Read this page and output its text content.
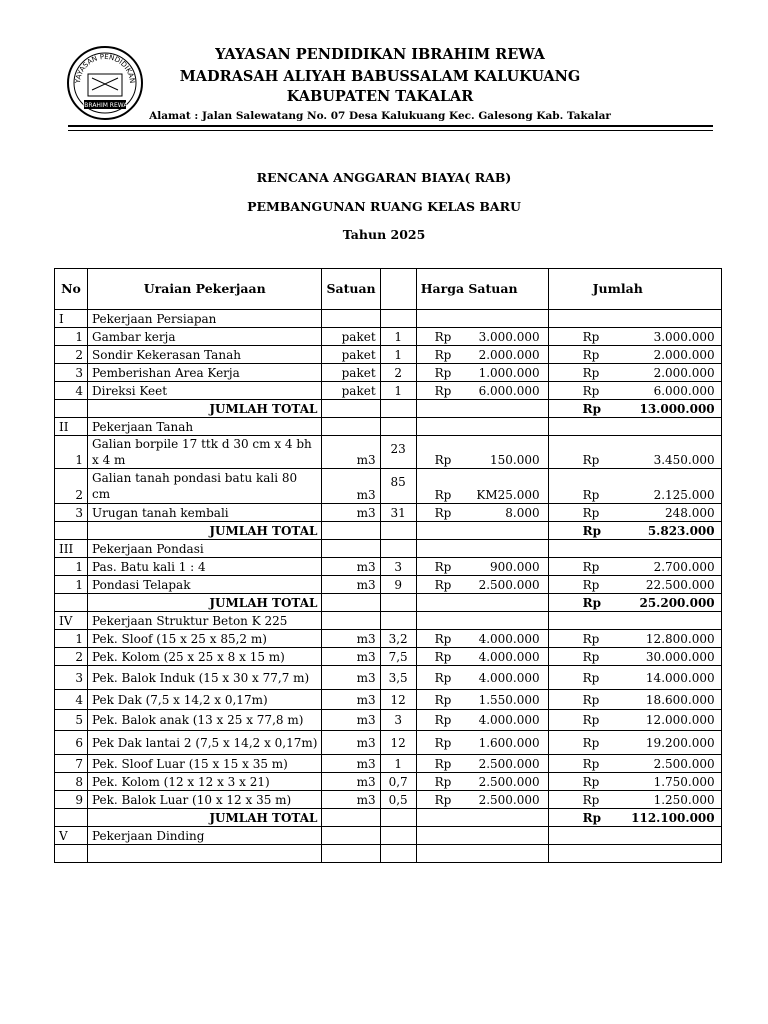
YAYASAN PENDIDIKAN
IBRAHIM REWA
YAYASAN PENDIDIKAN IBRAHIM REWA
MADRASAH ALIYAH BABUSSALAM KALUKUANG
KABUPATEN TAKALAR
Alamat : Jalan Salewatang No. 07 Desa Kalukuang Kec. Galesong Kab. Takalar
RENCANA ANGGARAN BIAYA( RAB)
PEMBANGUNAN RUANG KELAS BARU
Tahun 2025
No	Uraian Pekerjaan	Satuan		Harga Satuan	Jumlah
I	Pekerjaan Persiapan				
1	Gambar kerja	paket	1	Rp 3.000.000	Rp 3.000.000

2	Sondir Kekerasan Tanah	paket	1	Rp 2.000.000	Rp 2.000.000

3	Pemberishan Area Kerja	paket	2	Rp 1.000.000	Rp 2.000.000

4	Direksi Keet	paket	1	Rp 6.000.000	Rp 6.000.000

	JUMLAH TOTAL				Rp 13.000.000

II	Pekerjaan Tanah				
1	Galian borpile 17 ttk d 30 cm x 4 bh x 4 m	m3	23	Rp 150.000	Rp 3.450.000

2	Galian tanah pondasi batu kali 80 cm	m3	85	Rp KM25.000	Rp 2.125.000

3	Urugan tanah kembali	m3	31	Rp 8.000	Rp 248.000

	JUMLAH TOTAL				Rp 5.823.000

III	Pekerjaan Pondasi				
1	Pas. Batu kali 1 : 4	m3	3	Rp 900.000	Rp 2.700.000

1	Pondasi Telapak	m3	9	Rp 2.500.000	Rp 22.500.000

	JUMLAH TOTAL				Rp 25.200.000

IV	Pekerjaan Struktur Beton K 225				
1	Pek. Sloof (15 x 25 x 85,2 m)	m3	3,2	Rp 4.000.000	Rp 12.800.000

2	Pek. Kolom (25 x 25 x 8 x 15 m)	m3	7,5	Rp 4.000.000	Rp 30.000.000

3	Pek. Balok Induk (15 x 30 x 77,7 m)	m3	3,5	Rp 4.000.000	Rp 14.000.000

4	Pek Dak (7,5 x 14,2 x 0,17m)	m3	12	Rp 1.550.000	Rp 18.600.000

5	Pek. Balok anak (13 x 25 x 77,8 m)	m3	3	Rp 4.000.000	Rp 12.000.000

6	Pek Dak lantai 2 (7,5 x 14,2 x 0,17m)	m3	12	Rp 1.600.000	Rp 19.200.000

7	Pek. Sloof Luar (15 x 15 x 35 m)	m3	1	Rp 2.500.000	Rp 2.500.000

8	Pek. Kolom (12 x 12 x 3 x 21)	m3	0,7	Rp 2.500.000	Rp 1.750.000

9	Pek. Balok Luar (10 x 12 x 35 m)	m3	0,5	Rp 2.500.000	Rp 1.250.000

	JUMLAH TOTAL				Rp 112.100.000

V	Pekerjaan Dinding				
